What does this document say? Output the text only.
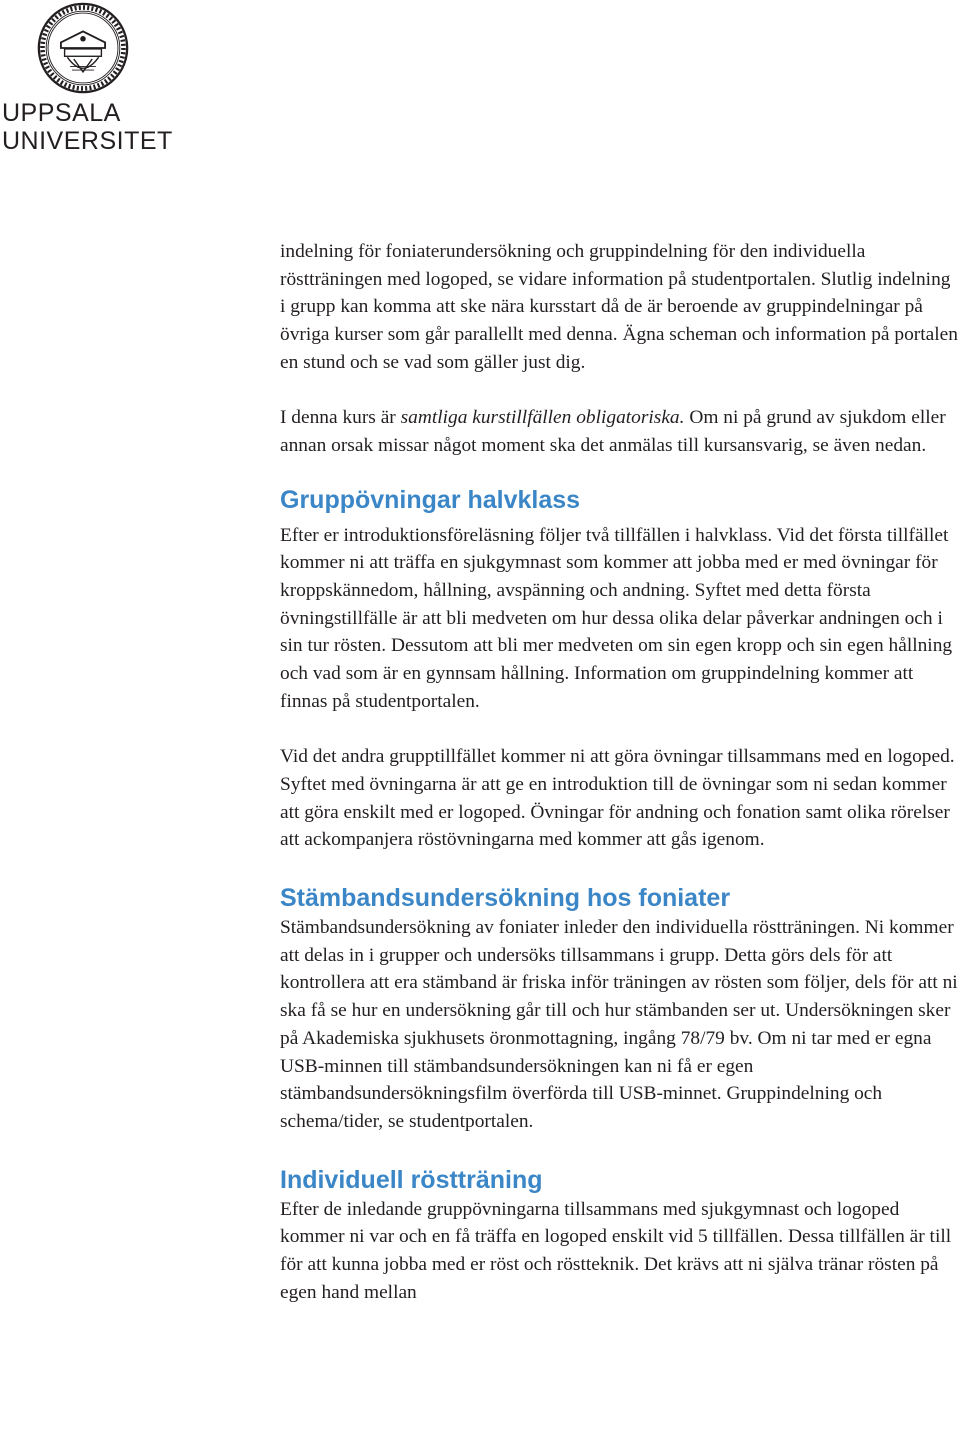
UPPSALA
UNIVERSITET

indelning för foniaterundersökning och gruppindelning för den individuella röstträningen med logoped, se vidare information på studentportalen. Slutlig indelning i grupp kan komma att ske nära kursstart då de är beroende av gruppindelningar på övriga kurser som går parallellt med denna. Ägna scheman och information på portalen en stund och se vad som gäller just dig.

I denna kurs är samtliga kurstillfällen obligatoriska. Om ni på grund av sjukdom eller annan orsak missar något moment ska det anmälas till kursansvarig, se även nedan.

Gruppövningar halvklass

Efter er introduktionsföreläsning följer två tillfällen i halvklass. Vid det första tillfället kommer ni att träffa en sjukgymnast som kommer att jobba med er med övningar för kroppskännedom, hållning, avspänning och andning. Syftet med detta första övningstillfälle är att bli medveten om hur dessa olika delar påverkar andningen och i sin tur rösten. Dessutom att bli mer medveten om sin egen kropp och sin egen hållning och vad som är en gynnsam hållning. Information om gruppindelning kommer att finnas på studentportalen.

Vid det andra grupptillfället kommer ni att göra övningar tillsammans med en logoped. Syftet med övningarna är att ge en introduktion till de övningar som ni sedan kommer att göra enskilt med er logoped. Övningar för andning och fonation samt olika rörelser att ackompanjera röstövningarna med kommer att gås igenom.

Stämbandsundersökning hos foniater

Stämbandsundersökning av foniater inleder den individuella röstträningen. Ni kommer att delas in i grupper och undersöks tillsammans i grupp. Detta görs dels för att kontrollera att era stämband är friska inför träningen av rösten som följer, dels för att ni ska få se hur en undersökning går till och hur stämbanden ser ut. Undersökningen sker på Akademiska sjukhusets öronmottagning, ingång 78/79 bv. Om ni tar med er egna USB-minnen till stämbandsundersökningen kan ni få er egen stämbandsundersökningsfilm överförda till USB-minnet. Gruppindelning och schema/tider, se studentportalen.

Individuell röstträning

Efter de inledande gruppövningarna tillsammans med sjukgymnast och logoped kommer ni var och en få träffa en logoped enskilt vid 5 tillfällen. Dessa tillfällen är till för att kunna jobba med er röst och röstteknik. Det krävs att ni själva tränar rösten på egen hand mellan
